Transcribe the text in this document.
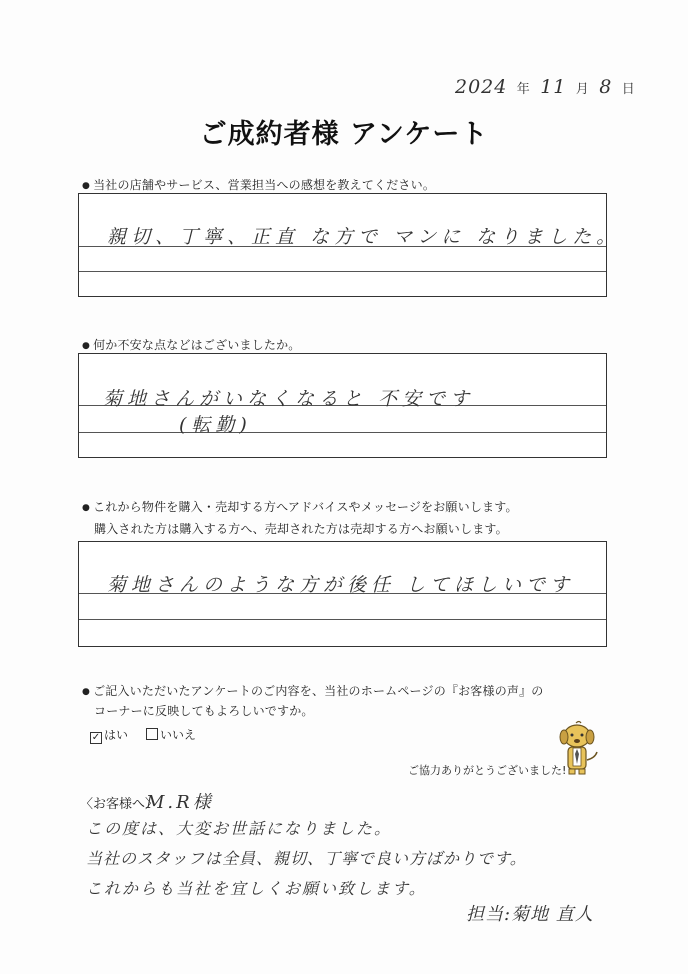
2024 年 11 月 8 日
ご成約者様 アンケート
● 当社の店舗やサービス、営業担当への感想を教えてください。
親切、丁寧、正直 な方で マンに なりました。
● 何か不安な点などはございましたか。
菊地さんがいなくなると 不安です
(転勤)
● これから物件を購入・売却する方へアドバイスやメッセージをお願いします。
購入された方は購入する方へ、売却された方は売却する方へお願いします。
菊地さんのような方が後任 してほしいです
● ご記入いただいたアンケートのご内容を、当社のホームページの『お客様の声』の
コーナーに反映してもよろしいですか。
✓ はい	いいえ
ご協力ありがとうございました!
〈お客様へ〉
M.R様
この度は、大変お世話になりました。
当社のスタッフは全員、親切、丁寧で良い方ばかりです。
これからも当社を宜しくお願い致します。
担当:菊地 直人
